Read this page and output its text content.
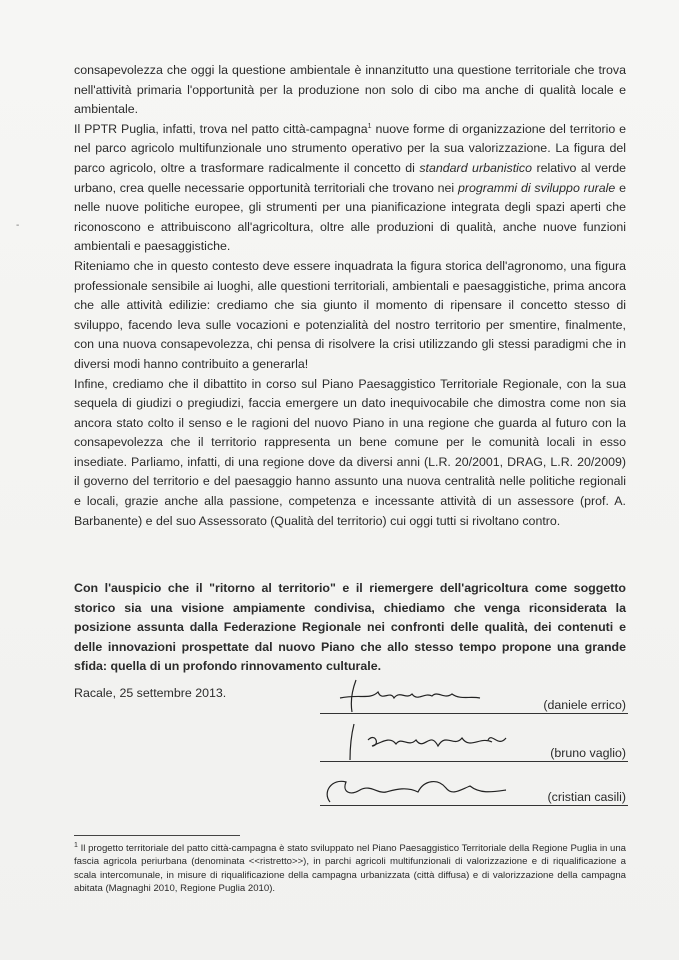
consapevolezza che oggi la questione ambientale è innanzitutto una questione territoriale che trova nell'attività primaria l'opportunità per la produzione non solo di cibo ma anche di qualità locale e ambientale.

Il PPTR Puglia, infatti, trova nel patto città-campagna$^1$ nuove forme di organizzazione del territorio e nel parco agricolo multifunzionale uno strumento operativo per la sua valorizzazione. La figura del parco agricolo, oltre a trasformare radicalmente il concetto di standard urbanistico relativo al verde urbano, crea quelle necessarie opportunità territoriali che trovano nei programmi di sviluppo rurale e nelle nuove politiche europee, gli strumenti per una pianificazione integrata degli spazi aperti che riconoscono e attribuiscono all'agricoltura, oltre alle produzioni di qualità, anche nuove funzioni ambientali e paesaggistiche.

Riteniamo che in questo contesto deve essere inquadrata la figura storica dell'agronomo, una figura professionale sensibile ai luoghi, alle questioni territoriali, ambientali e paesaggistiche, prima ancora che alle attività edilizie: crediamo che sia giunto il momento di ripensare il concetto stesso di sviluppo, facendo leva sulle vocazioni e potenzialità del nostro territorio per smentire, finalmente, con una nuova consapevolezza, chi pensa di risolvere la crisi utilizzando gli stessi paradigmi che in diversi modi hanno contribuito a generarla!

Infine, crediamo che il dibattito in corso sul Piano Paesaggistico Territoriale Regionale, con la sua sequela di giudizi o pregiudizi, faccia emergere un dato inequivocabile che dimostra come non sia ancora stato colto il senso e le ragioni del nuovo Piano in una regione che guarda al futuro con la consapevolezza che il territorio rappresenta un bene comune per le comunità locali in esso insediate. Parliamo, infatti, di una regione dove da diversi anni (L.R. 20/2001, DRAG, L.R. 20/2009) il governo del territorio e del paesaggio hanno assunto una nuova centralità nelle politiche regionali e locali, grazie anche alla passione, competenza e incessante attività di un assessore (prof. A. Barbanente) e del suo Assessorato (Qualità del territorio) cui oggi tutti si rivoltano contro.

Con l'auspicio che il "ritorno al territorio" e il riemergere dell'agricoltura come soggetto storico sia una visione ampiamente condivisa, chiediamo che venga riconsiderata la posizione assunta dalla Federazione Regionale nei confronti delle qualità, dei contenuti e delle innovazioni prospettate dal nuovo Piano che allo stesso tempo propone una grande sfida: quella di un profondo rinnovamento culturale.
Racale, 25 settembre 2013.
(daniele errico)
(bruno vaglio)
(cristian casili)
$^1$ Il progetto territoriale del patto città-campagna è stato sviluppato nel Piano Paesaggistico Territoriale della Regione Puglia in una fascia agricola periurbana (denominata <<ristretto>>), in parchi agricoli multifunzionali di valorizzazione e di riqualificazione a scala intercomunale, in misure di riqualificazione della campagna urbanizzata (città diffusa) e di valorizzazione della campagna abitata (Magnaghi 2010, Regione Puglia 2010).
-
